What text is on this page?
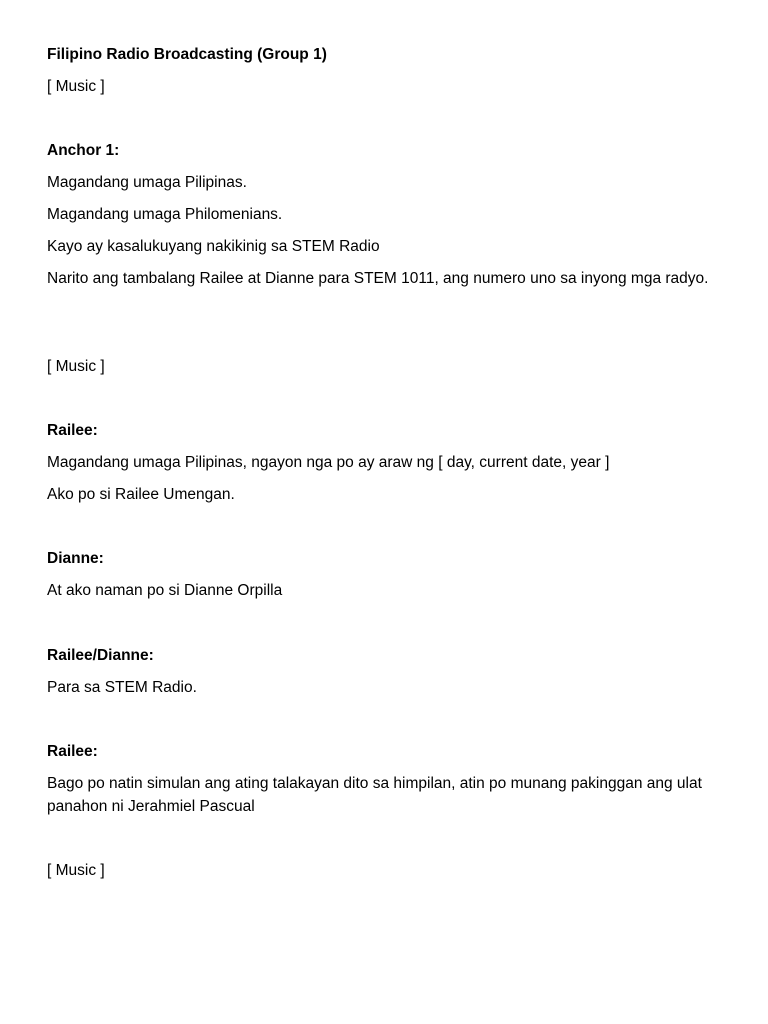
Filipino Radio Broadcasting (Group 1)
[ Music ]
Anchor 1:
Magandang umaga Pilipinas.
Magandang umaga Philomenians.
Kayo ay kasalukuyang nakikinig sa STEM Radio
Narito ang tambalang Railee at Dianne para STEM 1011, ang numero uno sa inyong mga radyo.
[ Music ]
Railee:
Magandang umaga Pilipinas, ngayon nga po ay araw ng [ day, current date, year ]
Ako po si Railee Umengan.
Dianne:
At ako naman po si Dianne Orpilla
Railee/Dianne:
Para sa STEM Radio.
Railee:
Bago po natin simulan ang ating talakayan dito sa himpilan, atin po munang pakinggan ang ulat panahon ni Jerahmiel Pascual
[ Music ]
